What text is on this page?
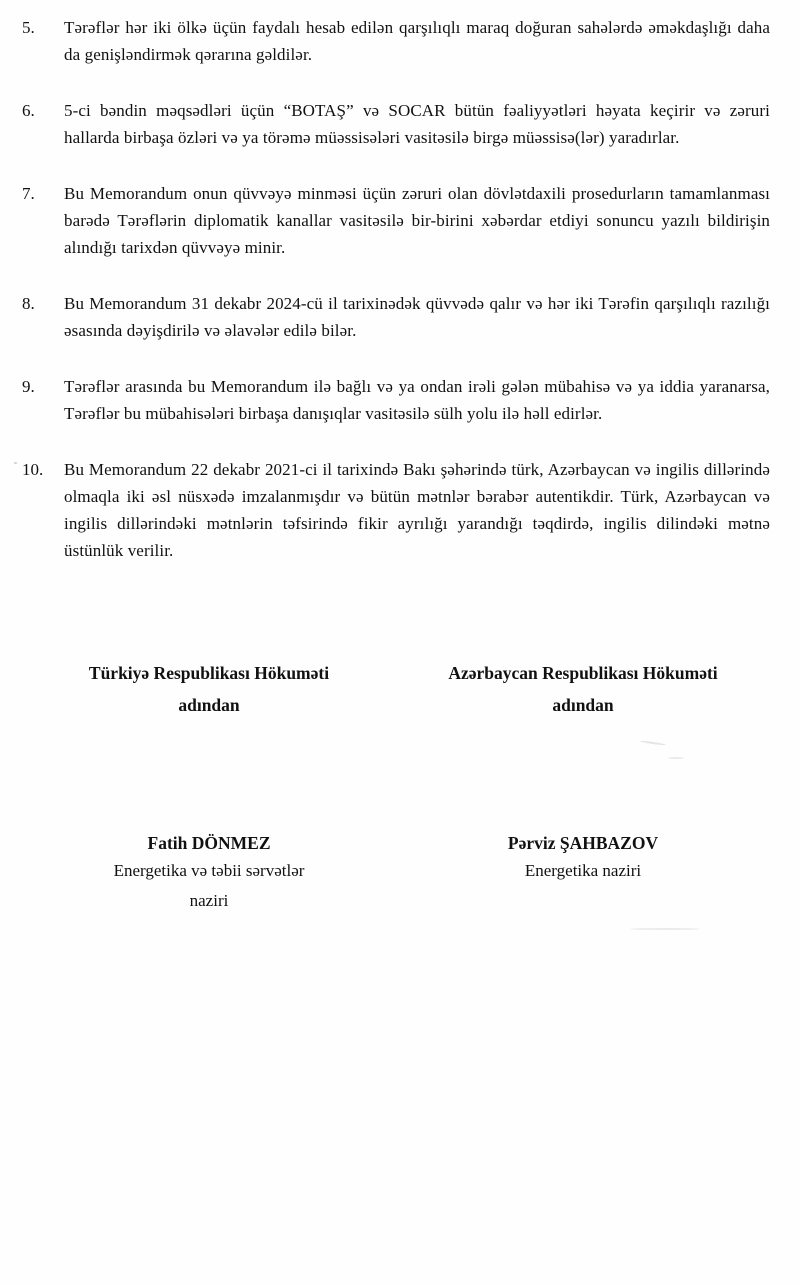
5.	Tərəflər hər iki ölkə üçün faydalı hesab edilən qarşılıqlı maraq doğuran sahələrdə əməkdaşlığı daha da genişləndirmək qərarına gəldilər.

6.	5-ci bəndin məqsədləri üçün “BOTAŞ” və SOCAR bütün fəaliyyətləri həyata keçirir və zəruri hallarda birbaşa özləri və ya törəmə müəssisələri vasitəsilə birgə müəssisə(lər) yaradırlar.

7.	Bu Memorandum onun qüvvəyə minməsi üçün zəruri olan dövlətdaxili prosedurların tamamlanması barədə Tərəflərin diplomatik kanallar vasitəsilə bir-birini xəbərdar etdiyi sonuncu yazılı bildirişin alındığı tarixdən qüvvəyə minir.

8.	Bu Memorandum 31 dekabr 2024-cü il tarixinədək qüvvədə qalır və hər iki Tərəfin qarşılıqlı razılığı əsasında dəyişdirilə və əlavələr edilə bilər.

9.	Tərəflər arasında bu Memorandum ilə bağlı və ya ondan irəli gələn mübahisə və ya iddia yaranarsa, Tərəflər bu mübahisələri birbaşa danışıqlar vasitəsilə sülh yolu ilə həll edirlər.

10.	Bu Memorandum 22 dekabr 2021-ci il tarixində Bakı şəhərində türk, Azərbaycan və ingilis dillərində olmaqla iki əsl nüsxədə imzalanmışdır və bütün mətnlər bərabər autentikdir. Türk, Azərbaycan və ingilis dillərindəki mətnlərin təfsirində fikir ayrılığı yarandığı təqdirdə, ingilis dilindəki mətnə üstünlük verilir.

Türkiyə Respublikası Hökuməti
adından
Azərbaycan Respublikası Hökuməti
adından
Fatih DÖNMEZ
Energetika və təbii sərvətlər
naziri
Pərviz ŞAHBAZOV
Energetika naziri
